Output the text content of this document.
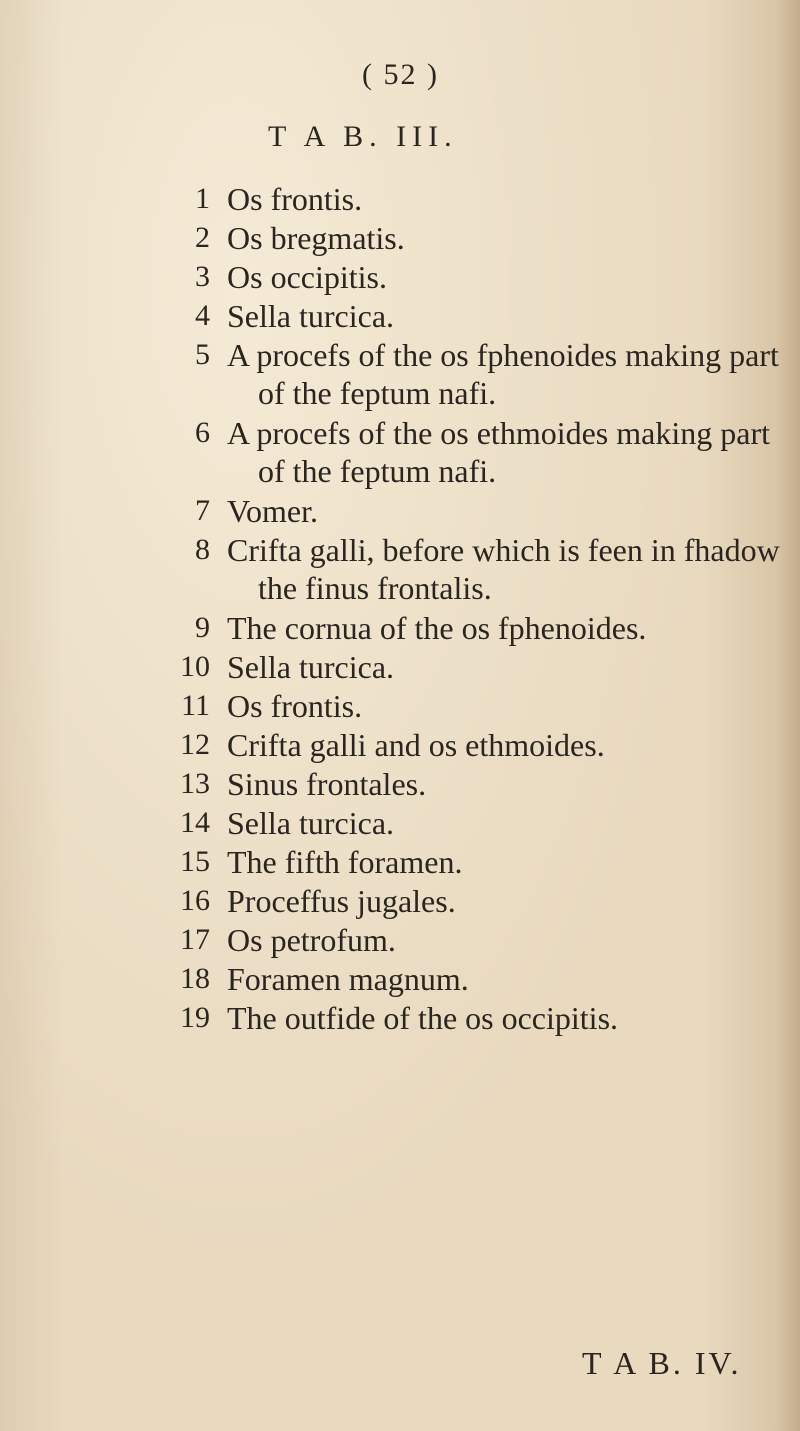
( 52 )
T A B. III.
1 Os frontis.
2 Os bregmatis.
3 Os occipitis.
4 Sella turcica.
5 A procefs of the os fphenoides making part
of the feptum nafi.
6 A procefs of the os ethmoides making part
of the feptum nafi.
7 Vomer.
8 Crifta galli, before which is feen in fhadow
the finus frontalis.
9 The cornua of the os fphenoides.
10 Sella turcica.
11 Os frontis.
12 Crifta galli and os ethmoides.
13 Sinus frontales.
14 Sella turcica.
15 The fifth foramen.
16 Proceffus jugales.
17 Os petrofum.
18 Foramen magnum.
19 The outfide of the os occipitis.
T A B. IV.
